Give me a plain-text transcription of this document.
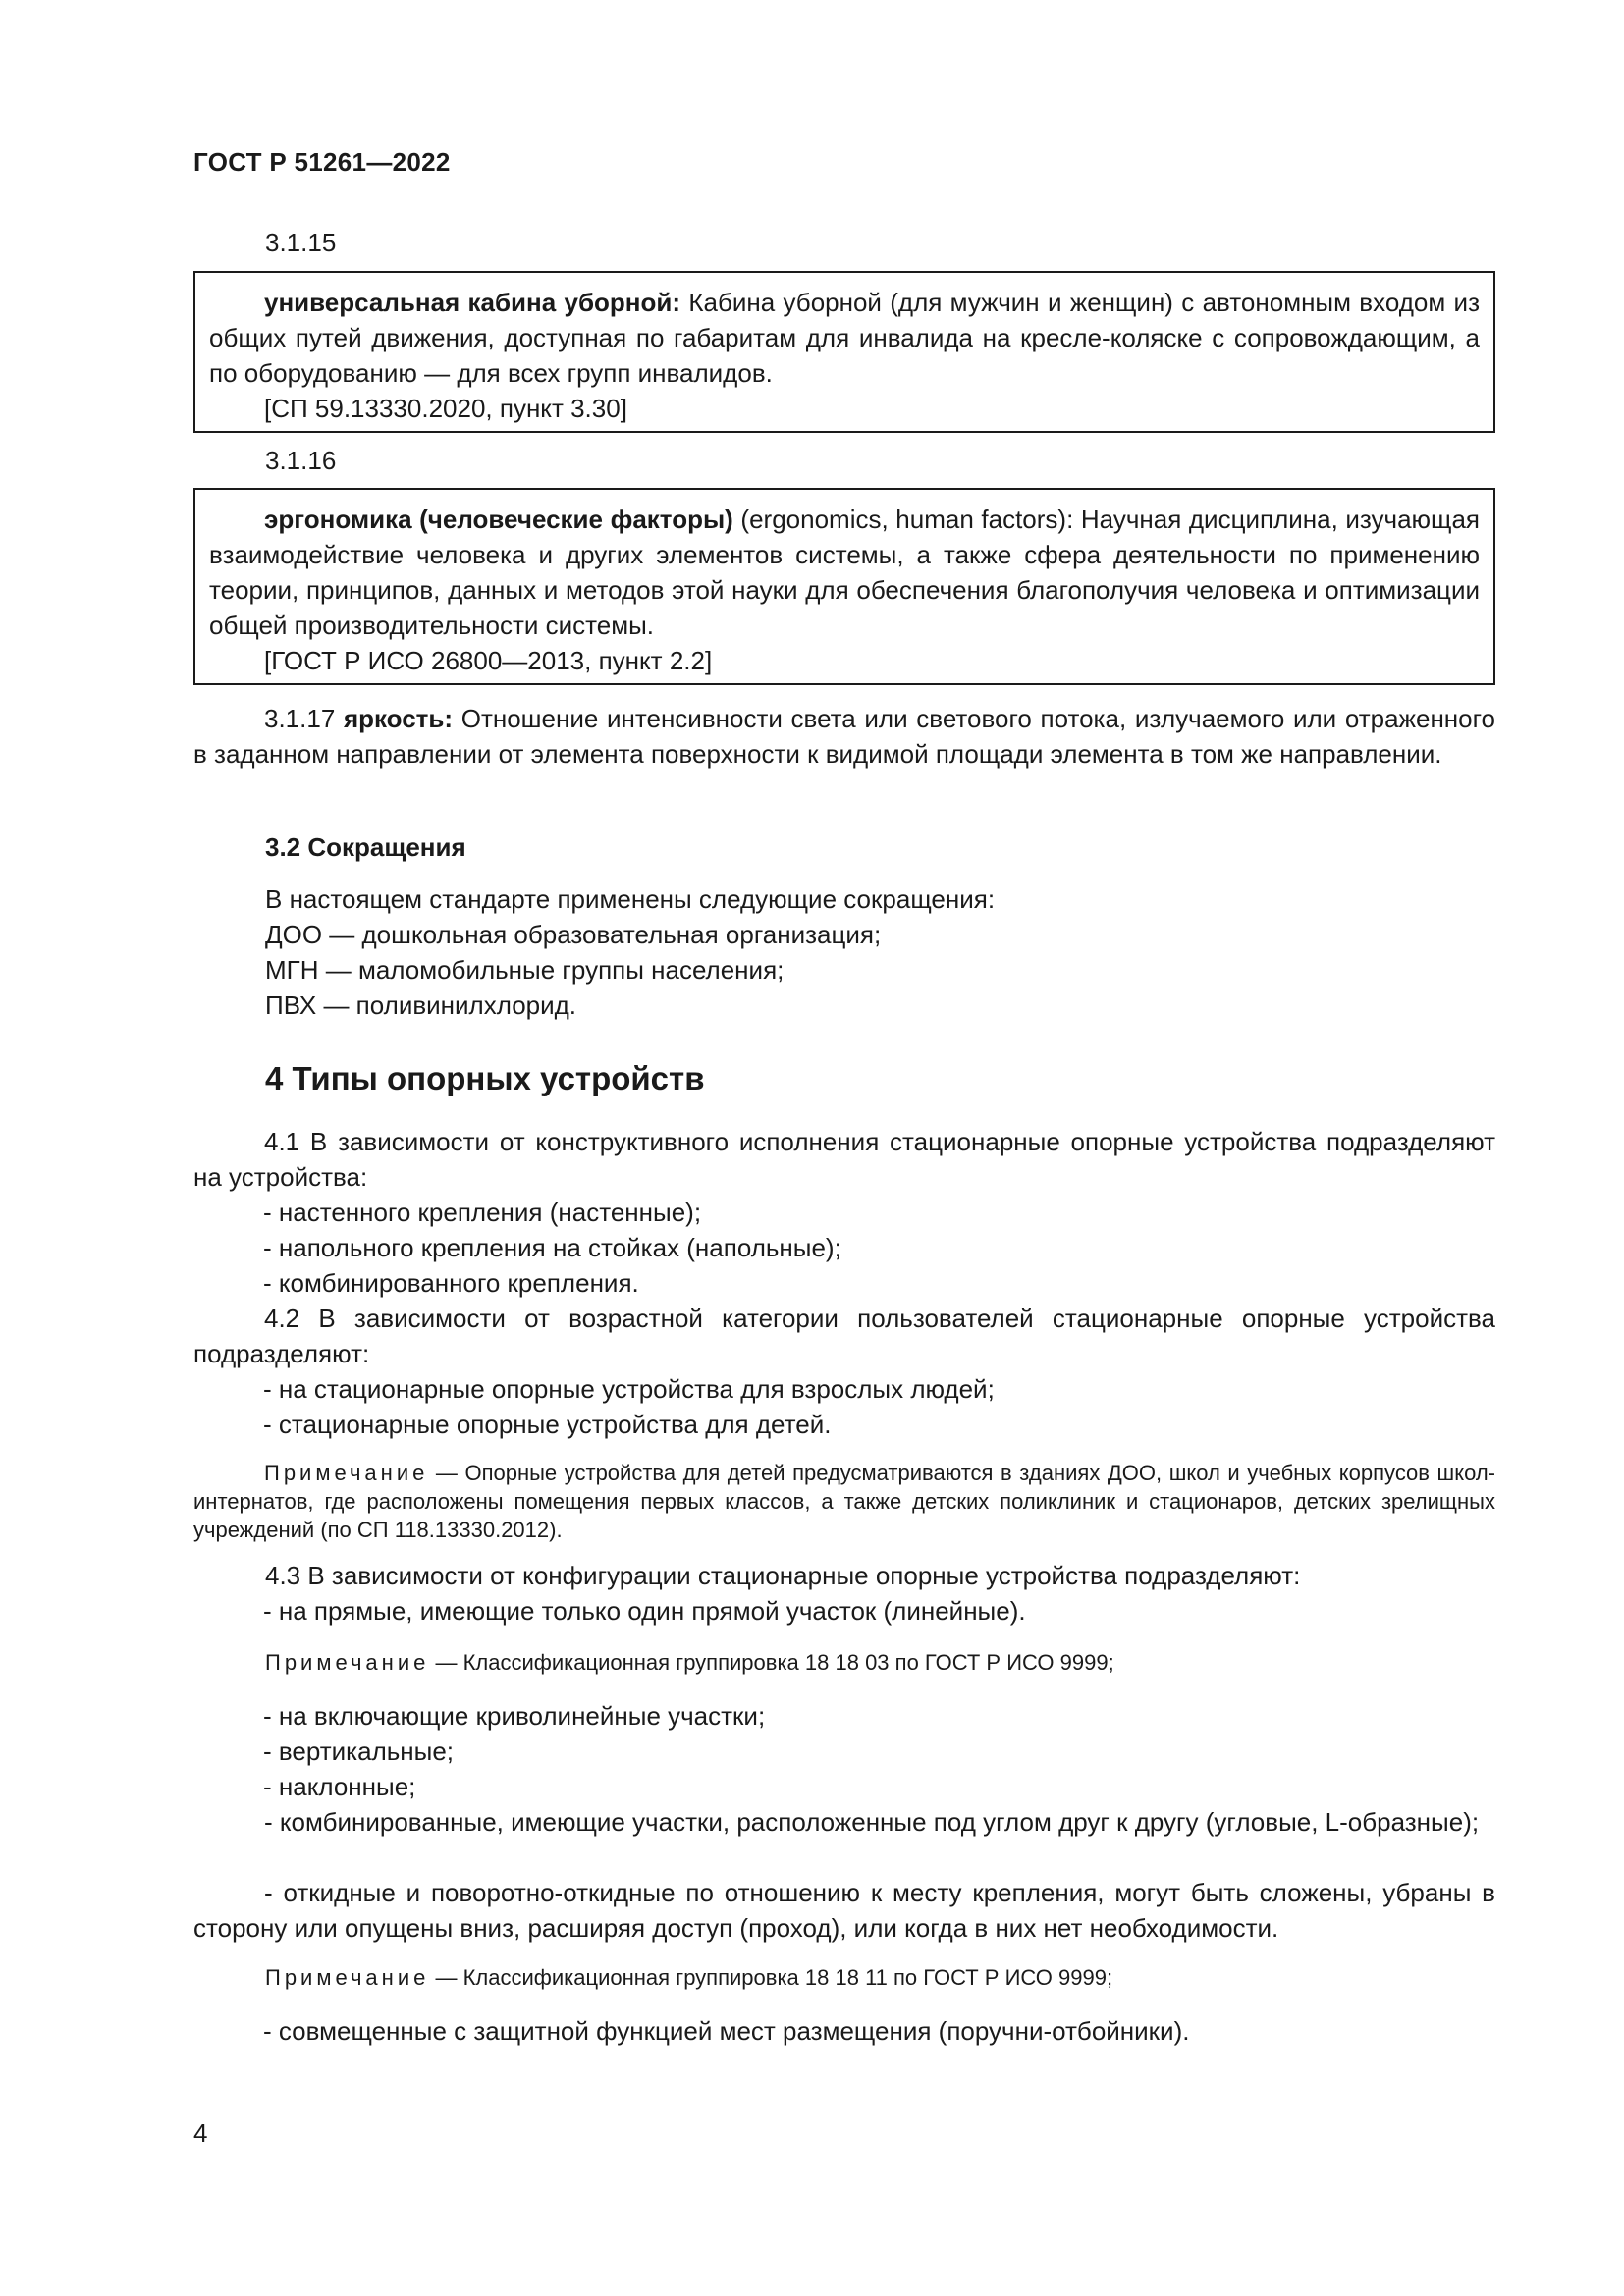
ГОСТ Р 51261—2022
3.1.15

универсальная кабина уборной: Кабина уборной (для мужчин и женщин) с автономным входом из общих путей движения, доступная по габаритам для инвалида на кресле-коляске с сопровождающим, а по оборудованию — для всех групп инвалидов.

[СП 59.13330.2020, пункт 3.30]

3.1.16

эргономика (человеческие факторы) (ergonomics, human factors): Научная дисциплина, изучающая взаимодействие человека и других элементов системы, а также сфера деятельности по применению теории, принципов, данных и методов этой науки для обеспечения благополучия человека и оптимизации общей производительности системы.

[ГОСТ Р ИСО 26800—2013, пункт 2.2]

3.1.17 яркость: Отношение интенсивности света или светового потока, излучаемого или отраженного в заданном направлении от элемента поверхности к видимой площади элемента в том же направлении.

3.2 Сокращения
В настоящем стандарте применены следующие сокращения:
ДОО — дошкольная образовательная организация;
МГН — маломобильные группы населения;
ПВХ — поливинилхлорид.
4 Типы опорных устройств

4.1 В зависимости от конструктивного исполнения стационарные опорные устройства подразделяют на устройства:

- настенного крепления (настенные);
- напольного крепления на стойках (напольные);
- комбинированного крепления.

4.2 В зависимости от возрастной категории пользователей стационарные опорные устройства подразделяют:

- на стационарные опорные устройства для взрослых людей;
- стационарные опорные устройства для детей.

Примечание — Опорные устройства для детей предусматриваются в зданиях ДОО, школ и учебных корпусов школ-интернатов, где расположены помещения первых классов, а также детских поликлиник и стационаров, детских зрелищных учреждений (по СП 118.13330.2012).

4.3 В зависимости от конфигурации стационарные опорные устройства подразделяют:
- на прямые, имеющие только один прямой участок (линейные).
Примечание — Классификационная группировка 18 18 03 по ГОСТ Р ИСО 9999;
- на включающие криволинейные участки;
- вертикальные;
- наклонные;

- комбинированные, имеющие участки, расположенные под углом друг к другу (угловые, L-образные);

- откидные и поворотно-откидные по отношению к месту крепления, могут быть сложены, убраны в сторону или опущены вниз, расширяя доступ (проход), или когда в них нет необходимости.

Примечание — Классификационная группировка 18 18 11 по ГОСТ Р ИСО 9999;
- совмещенные с защитной функцией мест размещения (поручни-отбойники).
4
